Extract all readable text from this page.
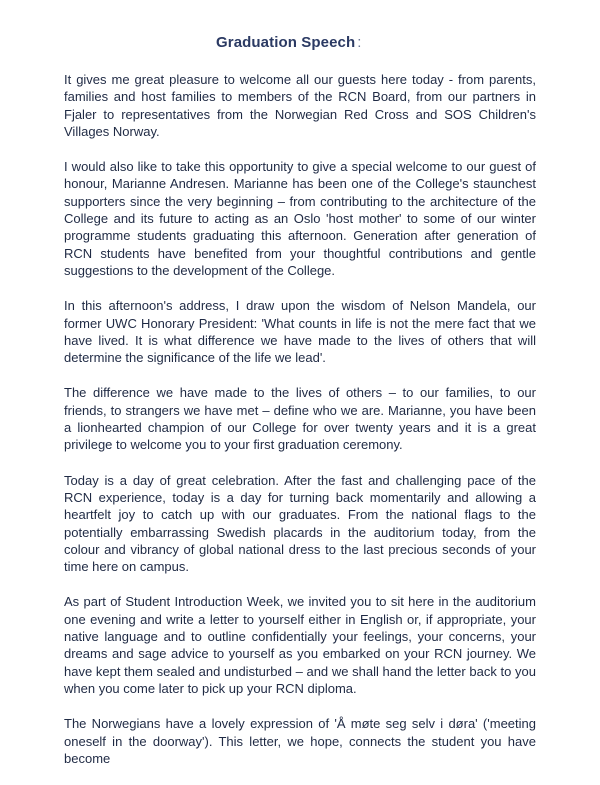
Graduation Speech :

It gives me great pleasure to welcome all our guests here today - from parents, families and host families to members of the RCN Board, from our partners in Fjaler to representatives from the Norwegian Red Cross and SOS Children's Villages Norway.

I would also like to take this opportunity to give a special welcome to our guest of honour, Marianne Andresen. Marianne has been one of the College's staunchest supporters since the very beginning – from contributing to the architecture of the College and its future to acting as an Oslo 'host mother' to some of our winter programme students graduating this afternoon. Generation after generation of RCN students have benefited from your thoughtful contributions and gentle suggestions to the development of the College.

In this afternoon's address, I draw upon the wisdom of Nelson Mandela, our former UWC Honorary President: 'What counts in life is not the mere fact that we have lived. It is what difference we have made to the lives of others that will determine the significance of the life we lead'.

The difference we have made to the lives of others – to our families, to our friends, to strangers we have met – define who we are. Marianne, you have been a lionhearted champion of our College for over twenty years and it is a great privilege to welcome you to your first graduation ceremony.

Today is a day of great celebration. After the fast and challenging pace of the RCN experience, today is a day for turning back momentarily and allowing a heartfelt joy to catch up with our graduates. From the national flags to the potentially embarrassing Swedish placards in the auditorium today, from the colour and vibrancy of global national dress to the last precious seconds of your time here on campus.

As part of Student Introduction Week, we invited you to sit here in the auditorium one evening and write a letter to yourself either in English or, if appropriate, your native language and to outline confidentially your feelings, your concerns, your dreams and sage advice to yourself as you embarked on your RCN journey. We have kept them sealed and undisturbed – and we shall hand the letter back to you when you come later to pick up your RCN diploma.

The Norwegians have a lovely expression of 'Å møte seg selv i døra' ('meeting oneself in the doorway'). This letter, we hope, connects the student you have become
